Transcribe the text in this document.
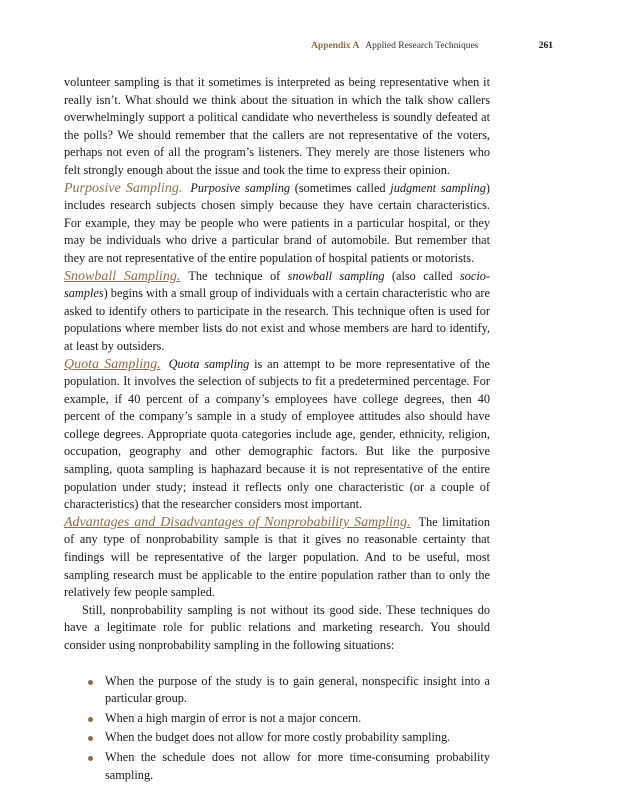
Appendix A Applied Research Techniques	261

volunteer sampling is that it sometimes is interpreted as being representative when it really isn’t. What should we think about the situation in which the talk show callers overwhelmingly support a political candidate who nevertheless is soundly defeated at the polls? We should remember that the callers are not representative of the voters, perhaps not even of all the program’s listeners. They merely are those listeners who felt strongly enough about the issue and took the time to express their opinion.

Purposive Sampling. Purposive sampling (sometimes called judgment sampling) includes research subjects chosen simply because they have certain characteristics. For example, they may be people who were patients in a particular hospital, or they may be individuals who drive a particular brand of automobile. But remember that they are not representative of the entire population of hospital patients or motorists.

Snowball Sampling. The technique of snowball sampling (also called socio-samples) begins with a small group of individuals with a certain characteristic who are asked to identify others to participate in the research. This technique often is used for populations where member lists do not exist and whose members are hard to identify, at least by outsiders.

Quota Sampling. Quota sampling is an attempt to be more representative of the population. It involves the selection of subjects to fit a predetermined percentage. For example, if 40 percent of a company’s employees have college degrees, then 40 percent of the company’s sample in a study of employee attitudes also should have college degrees. Appropriate quota categories include age, gender, ethnicity, religion, occupation, geography and other demographic factors. But like the purposive sampling, quota sampling is haphazard because it is not representative of the entire population under study; instead it reflects only one characteristic (or a couple of characteristics) that the researcher considers most important.

Advantages and Disadvantages of Nonprobability Sampling. The limitation of any type of nonprobability sample is that it gives no reasonable certainty that findings will be representative of the larger population. And to be useful, most sampling research must be applicable to the entire population rather than to only the relatively few people sampled.

Still, nonprobability sampling is not without its good side. These techniques do have a legitimate role for public relations and marketing research. You should consider using nonprobability sampling in the following situations:

When the purpose of the study is to gain general, nonspecific insight into a particular group.
When a high margin of error is not a major concern.
When the budget does not allow for more costly probability sampling.
When the schedule does not allow for more time-consuming probability sampling.
